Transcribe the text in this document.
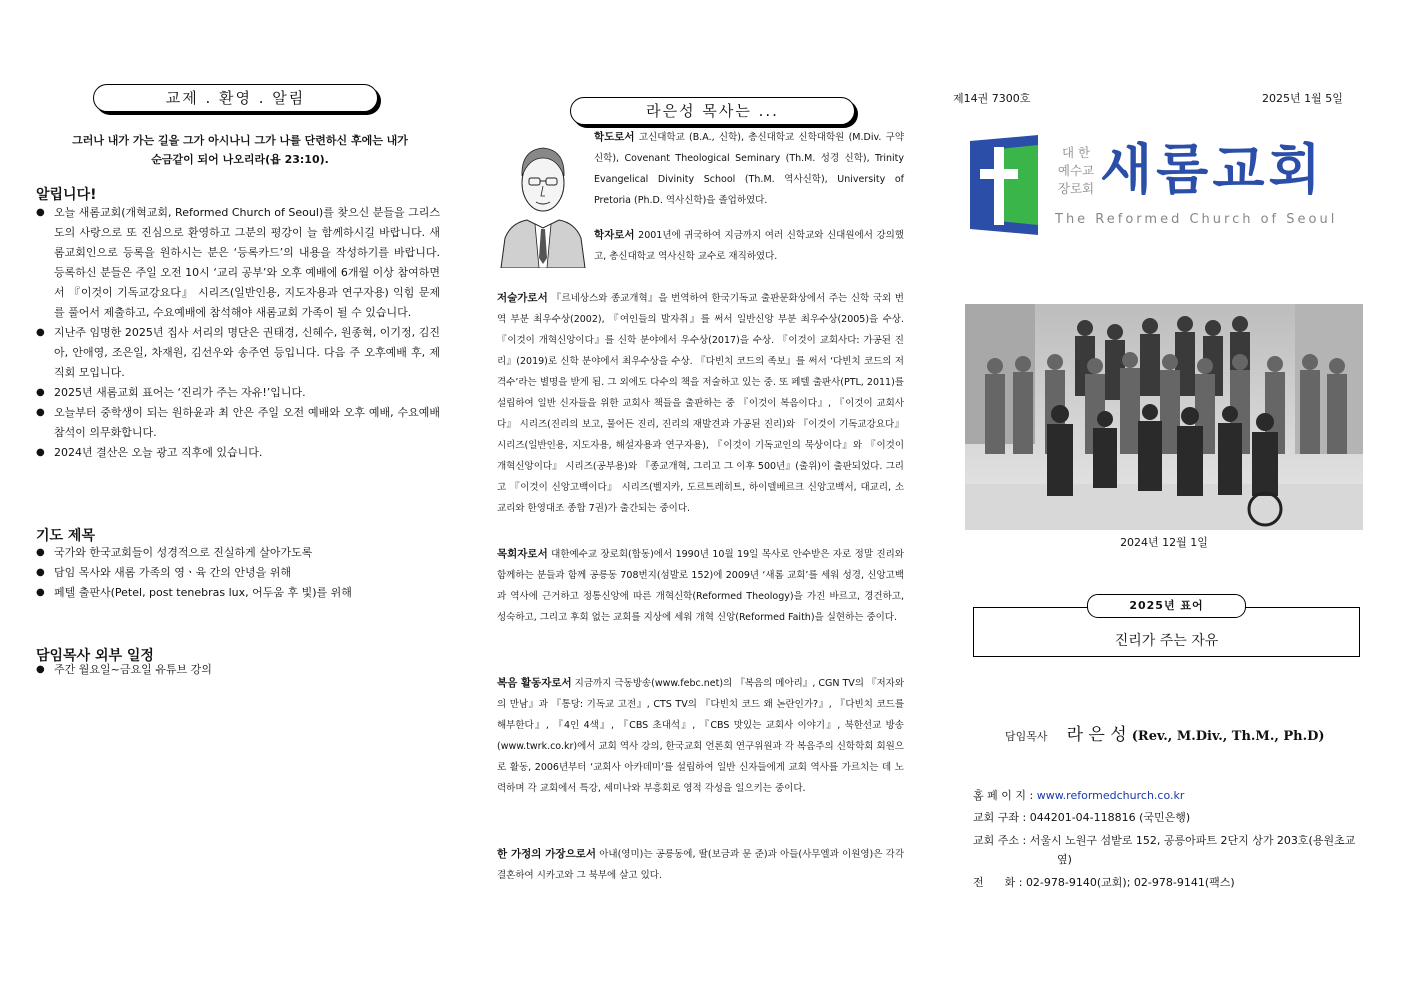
교제 . 환영 . 알림
그러나 내가 가는 길을 그가 아시나니 그가 나를 단련하신 후에는 내가
순금같이 되어 나오리라(욥 23:10).
알립니다!
● 오늘 새롬교회(개혁교회, Reformed Church of Seoul)를 찾으신 분들을 그리스도의 사랑으로 또 진심으로 환영하고 그분의 평강이 늘 함께하시길 바랍니다. 새롬교회인으로 등록을 원하시는 분은 ‘등록카드’의 내용을 작성하기를 바랍니다. 등록하신 분들은 주일 오전 10시 ‘교리 공부’와 오후 예배에 6개월 이상 참여하면서 『이것이 기독교강요다』 시리즈(일반인용, 지도자용과 연구자용) 익힘 문제를 풀어서 제출하고, 수요예배에 참석해야 새롬교회 가족이 될 수 있습니다.
● 지난주 임명한 2025년 집사 서리의 명단은 권태경, 신혜수, 원종혁, 이기정, 김진아, 안애영, 조은일, 차재원, 김선우와 송주연 등입니다. 다음 주 오후예배 후, 제직회 모입니다.
● 2025년 새롬교회 표어는 ‘진리가 주는 자유!’입니다.
● 오늘부터 중학생이 되는 원하윤과 최 안은 주일 오전 예배와 오후 예배, 수요예배 참석이 의무화합니다.
● 2024년 결산은 오늘 광고 직후에 있습니다.
기도 제목
● 국가와 한국교회들이 성경적으로 진실하게 살아가도록
● 담임 목사와 새롬 가족의 영ㆍ육 간의 안녕을 위해
● 페텔 출판사(Petel, post tenebras lux, 어두움 후 빛)를 위해
담임목사 외부 일정
● 주간 월요일~금요일 유튜브 강의
라은성 목사는 ...
학도로서 고신대학교 (B.A., 신학), 총신대학교 신학대학원 (M.Div. 구약 신학), Covenant Theological Seminary (Th.M. 성경 신학), Trinity Evangelical Divinity School (Th.M. 역사신학), University of Pretoria (Ph.D. 역사신학)을 졸업하였다.
학자로서 2001년에 귀국하여 지금까지 여러 신학교와 신대원에서 강의했고, 총신대학교 역사신학 교수로 재직하였다.
저술가로서 『르네상스와 종교개혁』을 번역하여 한국기독교 출판문화상에서 주는 신학 국외 번역 부분 최우수상(2002), 『여인들의 발자취』를 써서 일반신앙 부분 최우수상(2005)을 수상. 『이것이 개혁신앙이다』를 신학 분야에서 우수상(2017)을 수상. 『이것이 교회사다: 가공된 진리』(2019)로 신학 분야에서 최우수상을 수상. 『다빈치 코드의 족보』를 써서 ‘다빈치 코드의 저격수’라는 별명을 받게 됨. 그 외에도 다수의 책을 저술하고 있는 중. 또 페텔 출판사(PTL, 2011)를 설립하여 일반 신자들을 위한 교회사 책들을 출판하는 중 『이것이 복음이다』, 『이것이 교회사다』 시리즈(진리의 보고, 물어든 진리, 진리의 재발견과 가공된 진리)와 『이것이 기독교강요다』 시리즈(일반인용, 지도자용, 해설자용과 연구자용), 『이것이 기독교인의 묵상이다』와 『이것이 개혁신앙이다』 시리즈(공부용)와 『종교개혁, 그리고 그 이후 500년』(출위)이 출판되었다. 그리고 『이것이 신앙고백이다』 시리즈(벨지카, 도르트레히트, 하이델베르크 신앙고백서, 대교리, 소교리와 한영대조 종합 7권)가 출간되는 중이다.
목회자로서 대한예수교 장로회(합동)에서 1990년 10월 19일 목사로 안수받은 자로 정말 진리와 함께하는 분들과 함께 공릉동 708번지(섬발로 152)에 2009년 ‘새롬 교회’를 세워 성경, 신앙고백과 역사에 근거하고 정통신앙에 따른 개혁신학(Reformed Theology)을 가진 바르고, 경건하고, 성숙하고, 그리고 후회 없는 교회를 지상에 세워 개혁 신앙(Reformed Faith)을 실현하는 중이다.
복음 활동자로서 지금까지 극동방송(www.febc.net)의 『복음의 메아리』, CGN TV의 『저자와의 만남』과 『통당: 기독교 고전』, CTS TV의 『다빈치 코드 왜 논란인가?』, 『다빈치 코드를 해부한다』, 『4인 4색』, 『CBS 초대석』, 『CBS 맛있는 교회사 이야기』, 북한선교 방송(www.twrk.co.kr)에서 교회 역사 강의, 한국교회 언론회 연구위원과 각 복음주의 신학학회 회원으로 활동, 2006년부터 ‘교회사 아카데미’를 설립하여 일반 신자들에게 교회 역사를 가르치는 데 노력하며 각 교회에서 특강, 세미나와 부흥회로 영적 각성을 일으키는 중이다.
한 가정의 가장으로서 아내(영미)는 공릉동에, 딸(보금과 문 준)과 아들(사무엘과 이원영)은 각각 결혼하여 시카고와 그 북부에 살고 있다.
제14권 7300호	2025년 1월 5일
대 한
예수교
장로회 새롬교회
The Reformed Church of Seoul
2024년 12월 1일
진리가 주는 자유
2025년 표어
담임목사 라 은 성 (Rev., M.Div., Th.M., Ph.D)
홈 페 이 지 : www.reformedchurch.co.kr
교회 구좌 : 044201-04-118816 (국민은행)
교회 주소 : 서울시 노원구 섬밭로 152, 공릉아파트 2단지 상가 203호(용원초교 옆)
전      화 : 02-978-9140(교회); 02-978-9141(팩스)
